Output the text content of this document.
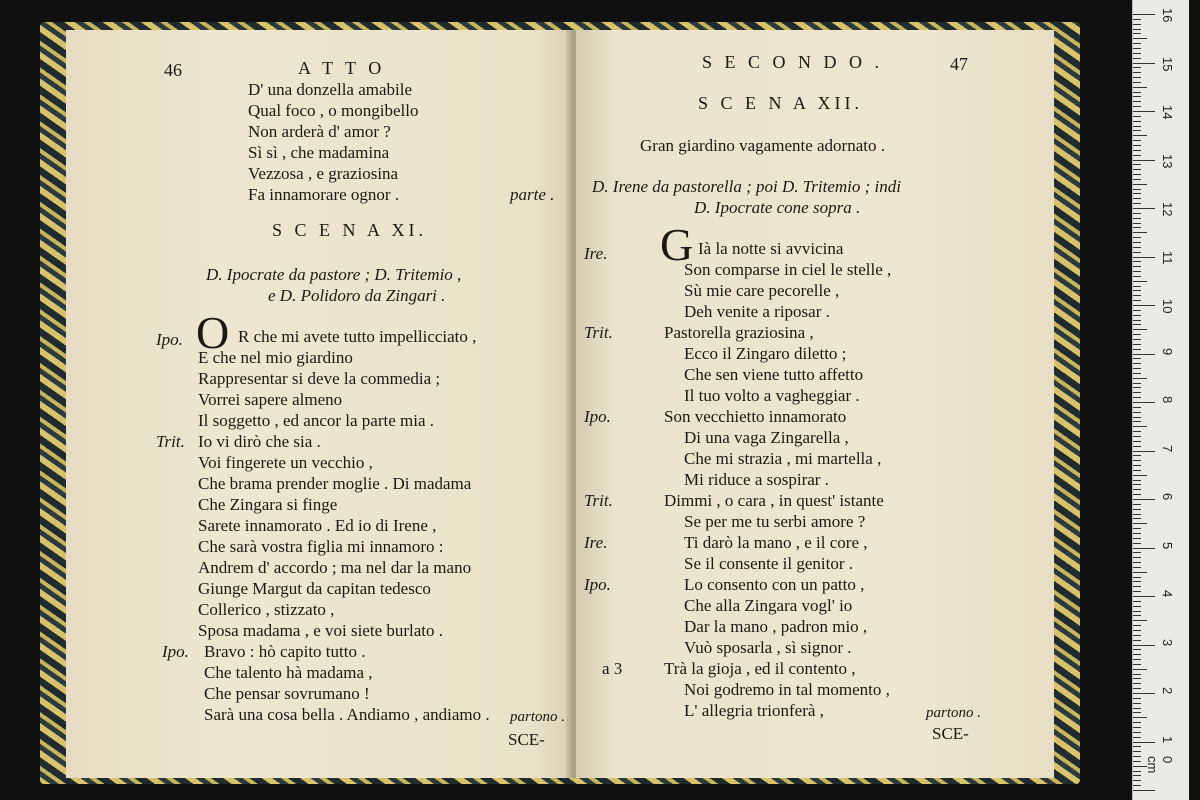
46	A T T O
D' una donzella amabile
Qual foco , o mongibello
Non arderà d' amor ?
Sì sì , che madamina
Vezzosa , e graziosina
Fa innamorare ognor .	parte .
S C E N A XI.
D. Ipocrate da pastore ; D. Tritemio ,
e D. Polidoro da Zingari .
Ipo. O R che mi avete tutto impellicciato ,
E che nel mio giardino
Rappresentar si deve la commedia ;
Vorrei sapere almeno
Il soggetto , ed ancor la parte mia .
Trit. Io vi dirò che sia .
Voi fingerete un vecchio ,
Che brama prender moglie . Di madama
Che Zingara si finge
Sarete innamorato . Ed io di Irene ,
Che sarà vostra figlia mi innamoro :
Andrem d' accordo ; ma nel dar la mano
Giunge Margut da capitan tedesco
Collerico , stizzato ,
Sposa madama , e voi siete burlato .
Ipo. Bravo : hò capito tutto .
Che talento hà madama ,
Che pensar sovrumano !
Sarà una cosa bella . Andiamo , andiamo . partono .
SCE-
S E C O N D O .	47
S C E N A XII.
Gran giardino vagamente adornato .
D. Irene da pastorella ; poi D. Tritemio ; indi
D. Ipocrate cone sopra .
Ire. G Ià la notte si avvicina
Son comparse in ciel le stelle ,
Sù mie care pecorelle ,
Deh venite a riposar .
Trit.	Pastorella graziosina ,
Ecco il Zingaro diletto ;
Che sen viene tutto affetto
Il tuo volto a vagheggiar .
Ipo.	Son vecchietto innamorato
Di una vaga Zingarella ,
Che mi strazia , mi martella ,
Mi riduce a sospirar .
Trit.	Dimmi , o cara , in quest' istante
Se per me tu serbi amore ?
Ire.	Ti darò la mano , e il core ,
Se il consente il genitor .
Ipo.	Lo consento con un patto ,
Che alla Zingara vogl' io
Dar la mano , padron mio ,
Vuò sposarla , sì signor .
a 3 Trà la gioja , ed il contento ,
Noi godremo in tal momento ,
L' allegria trionferà ,	partono .
SCE-
16
15
14
13
12
11
10
9
8
7
6
5
4
3
2
1
0 cm
